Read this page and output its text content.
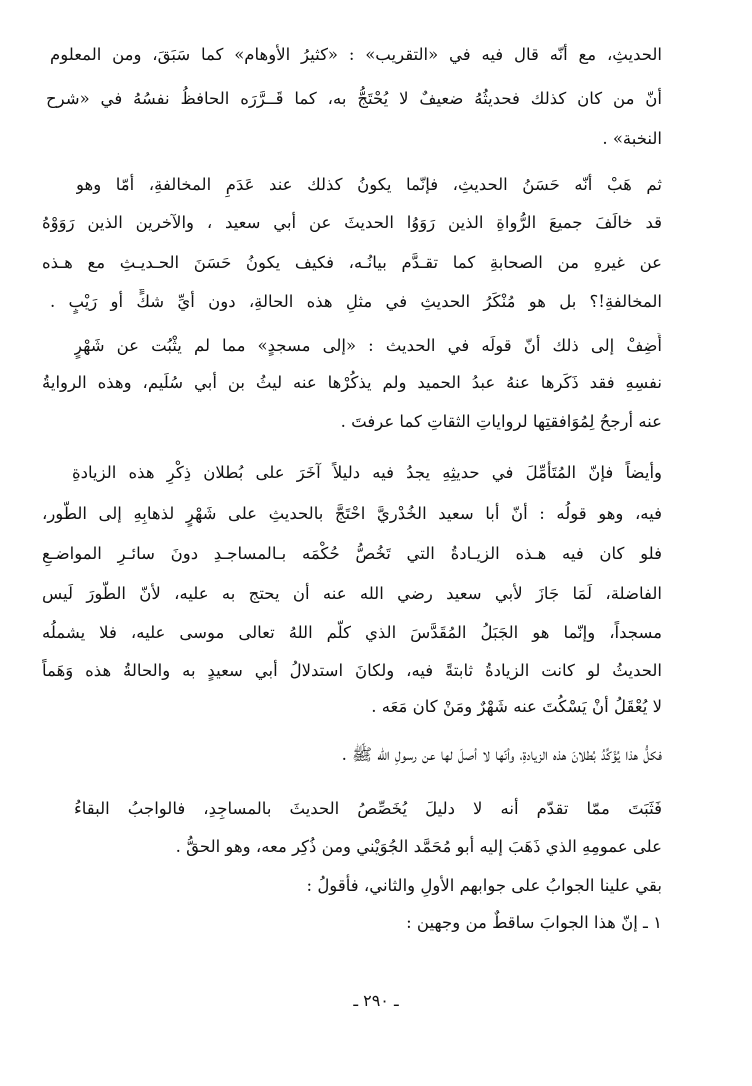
الحديثِ، مع أنّه قال فيه في «التقريب» : «كثيرُ الأوهام» كما سَبَقَ، ومن المعلوم
أنّ من كان كذلك فحديثُهُ ضعيفٌ لا يُحْتَجُّ به، كما قَــرَّرَه الحافظُ نفسُهُ في «شرح
النخبة» .
ثم هَبْ أنّه حَسَنُ الحديثِ، فإنّما يكونُ كذلك عند عَدَمِ المخالفةِ، أمّا وهو
قد خالَفَ جميعَ الرُّواةِ الذين رَوَوُا الحديثَ عن أبي سعيد ، والآخرين الذين رَوَوْهُ
عن غيرهِ من الصحابةِ كما تقـدَّم بيانُـه، فكيف يكونُ حَسَنَ الحـديـثِ مع هـذه
المخالفةِ!؟ بل هو مُنْكَرُ الحديثِ في مثلِ هذه الحالةِ، دون أيِّ شكٍّ أو رَيْبٍ .
أَضِفْ إلى ذلك أنّ قولَه في الحديث : «إلى مسجدٍ» مما لم يثْبُت عن شَهْرٍ
نفسِهِ فقد ذَكَرها عنهُ عبدُ الحميد ولم يذكُرْها عنه ليثُ بن أبي سُلَيم، وهذه الروايةُ
عنه أرجحُ لِمُوَافقتِها لرواياتِ الثقاتِ كما عرفتَ .
وأيضاً فإنّ المُتَأَمِّلَ في حديثِهِ يجدُ فيه دليلاً آخَرَ على بُطلان ذِكْرِ هذه الزيادةِ
فيه، وهو قولُه : أنّ أبا سعيد الخُدْريَّ احْتَجَّ بالحديثِ على شَهْرٍ لذهابِهِ إلى الطُّور،
فلو كان فيه هـذه الزيـادةُ التي تَخُصُّ حُكْمَه بـالمساجـدِ دونَ سائـرِ المواضـعِ
الفاضلة، لَمَا جَازَ لأبي سعيد رضي الله عنه أن يحتج به عليه، لأنّ الطُّورَ لَيس
مسجداً، وإنّما هو الجَبَلُ المُقَدَّسَ الذي كلَّم اللهُ تعالى موسى عليه، فلا يشملُه
الحديثُ لو كانت الزيادةُ ثابتةً فيه، ولكانَ استدلالُ أبي سعيدٍ به والحالةُ هذه وَهَماً
لا يُعْقَلُ أنْ يَسْكُتَ عنه شَهْرٌ ومَنْ كان مَعَه .
فكلُّ هذا يُؤَكِّدُ بُطلانَ هذه الزيادةِ، وأنّها لا أصلَ لها عن رسولِ الله ﷺ .
فَثَبَتَ ممّا تقدّم أنه لا دليلَ يُخَصِّصُ الحديثَ بالمساجِدِ، فالواجبُ البقاءُ
على عمومِهِ الذي ذَهَبَ إليه أبو مُحَمَّد الجُوَيْني ومن ذُكِر معه، وهو الحقُّ .
بقي علينا الجوابُ على جوابهم الأولِ والثاني، فأقولُ :
١ ـ إنّ هذا الجوابَ ساقطٌ من وجهين :
ـ ٢٩٠ ـ
